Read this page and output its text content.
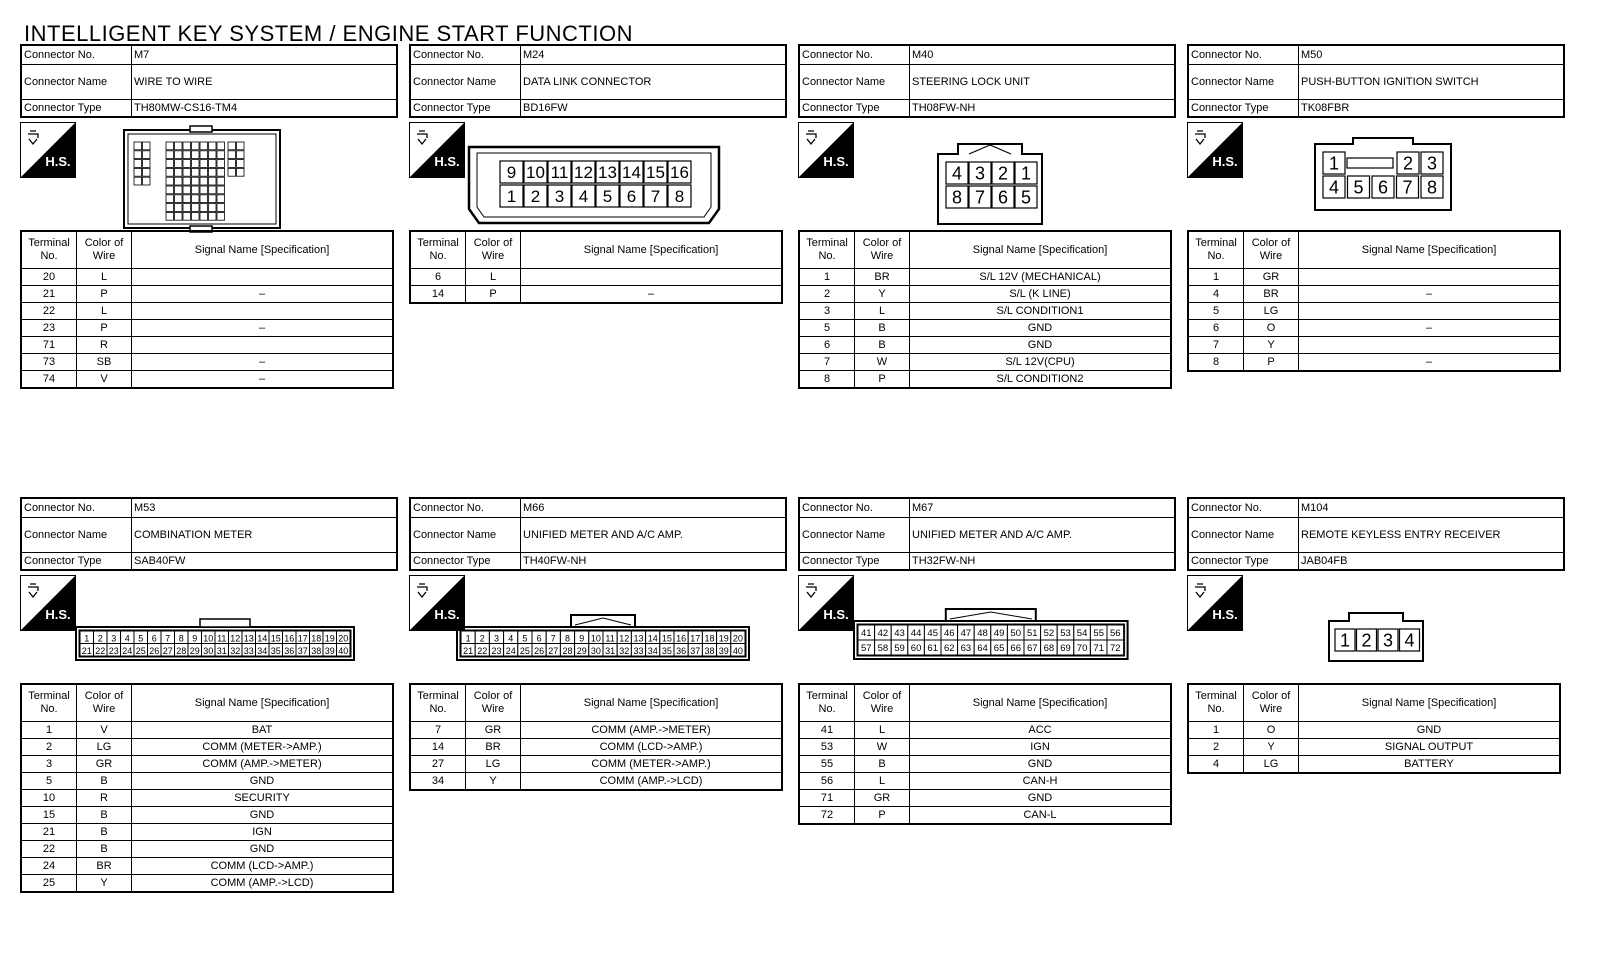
INTELLIGENT KEY SYSTEM / ENGINE START FUNCTION
Connector No.	M7
Connector Name	WIRE TO WIRE
Connector Type	TH80MW-CS16-TM4
H.S.
Terminal No.	Color of Wire	Signal Name [Specification]
20	L	
21	P	–
22	L	
23	P	–
71	R	
73	SB	–
74	V	–
Connector No.	M24
Connector Name	DATA LINK CONNECTOR
Connector Type	BD16FW
9 10 11 12 13 14 15 16
1 2 3 4 5 6 7 8
H.S.
Terminal No.	Color of Wire	Signal Name [Specification]
6	L	
14	P	–
Connector No.	M40
Connector Name	STEERING LOCK UNIT
Connector Type	TH08FW-NH
4 3 2 1
8 7 6 5
H.S.
Terminal No.	Color of Wire	Signal Name [Specification]
1	BR	S/L 12V (MECHANICAL)
2	Y	S/L (K LINE)
3	L	S/L CONDITION1
5	B	GND
6	B	GND
7	W	S/L 12V(CPU)
8	P	S/L CONDITION2
Connector No.	M50
Connector Name	PUSH-BUTTON IGNITION SWITCH
Connector Type	TK08FBR
1	2 3
4 5 6 7 8
H.S.
Terminal No.	Color of Wire	Signal Name [Specification]
1	GR	
4	BR	–
5	LG	
6	O	–
7	Y	
8	P	–
Connector No.	M53
Connector Name	COMBINATION METER
Connector Type	SAB40FW
1 2 3 4 5 6 7 8 9 10 11 12 13 14 15 16 17 18 19 20
21 22 23 24 25 26 27 28 29 30 31 32 33 34 35 36 37 38 39 40
H.S.
Terminal No.	Color of Wire	Signal Name [Specification]
1	V	BAT
2	LG	COMM (METER->AMP.)
3	GR	COMM (AMP.->METER)
5	B	GND
10	R	SECURITY
15	B	GND
21	B	IGN
22	B	GND
24	BR	COMM (LCD->AMP.)
25	Y	COMM (AMP.->LCD)
Connector No.	M66
Connector Name	UNIFIED METER AND A/C AMP.
Connector Type	TH40FW-NH
1 2 3 4 5 6 7 8 9 10 11 12 13 14 15 16 17 18 19 20
21 22 23 24 25 26 27 28 29 30 31 32 33 34 35 36 37 38 39 40
H.S.
Terminal No.	Color of Wire	Signal Name [Specification]
7	GR	COMM (AMP.->METER)
14	BR	COMM (LCD->AMP.)
27	LG	COMM (METER->AMP.)
34	Y	COMM (AMP.->LCD)
Connector No.	M67
Connector Name	UNIFIED METER AND A/C AMP.
Connector Type	TH32FW-NH
41 42 43 44 45 46 47 48 49 50 51 52 53 54 55 56
57 58 59 60 61 62 63 64 65 66 67 68 69 70 71 72
H.S.
Terminal No.	Color of Wire	Signal Name [Specification]
41	L	ACC
53	W	IGN
55	B	GND
56	L	CAN-H
71	GR	GND
72	P	CAN-L
Connector No.	M104
Connector Name	REMOTE KEYLESS ENTRY RECEIVER
Connector Type	JAB04FB
1 2 3 4
H.S.
Terminal No.	Color of Wire	Signal Name [Specification]
1	O	GND
2	Y	SIGNAL OUTPUT
4	LG	BATTERY
